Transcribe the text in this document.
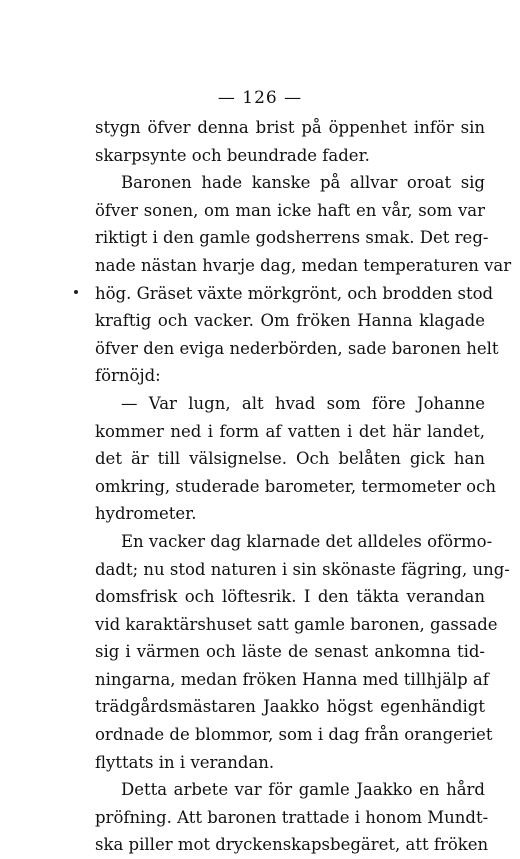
— 126 —
stygn öfver denna brist på öppenhet inför sin
skarpsynte och beundrade fader.
Baronen hade kanske på allvar oroat sig
öfver sonen, om man icke haft en vår, som var
riktigt i den gamle godsherrens smak. Det reg-
nade nästan hvarje dag, medan temperaturen var
hög. Gräset växte mörkgrönt, och brodden stod
kraftig och vacker. Om fröken Hanna klagade
öfver den eviga nederbörden, sade baronen helt
förnöjd:
— Var lugn, alt hvad som före Johanne
kommer ned i form af vatten i det här landet,
det är till välsignelse. Och belåten gick han
omkring, studerade barometer, termometer och
hydrometer.
En vacker dag klarnade det alldeles oförmo-
dadt; nu stod naturen i sin skönaste fägring, ung-
domsfrisk och löftesrik. I den täkta verandan
vid karaktärshuset satt gamle baronen, gassade
sig i värmen och läste de senast ankomna tid-
ningarna, medan fröken Hanna med tillhjälp af
trädgårdsmästaren Jaakko högst egenhändigt
ordnade de blommor, som i dag från orangeriet
flyttats in i verandan.
Detta arbete var för gamle Jaakko en hård
pröfning. Att baronen trattade i honom Mundt-
ska piller mot dryckenskapsbegäret, att fröken
